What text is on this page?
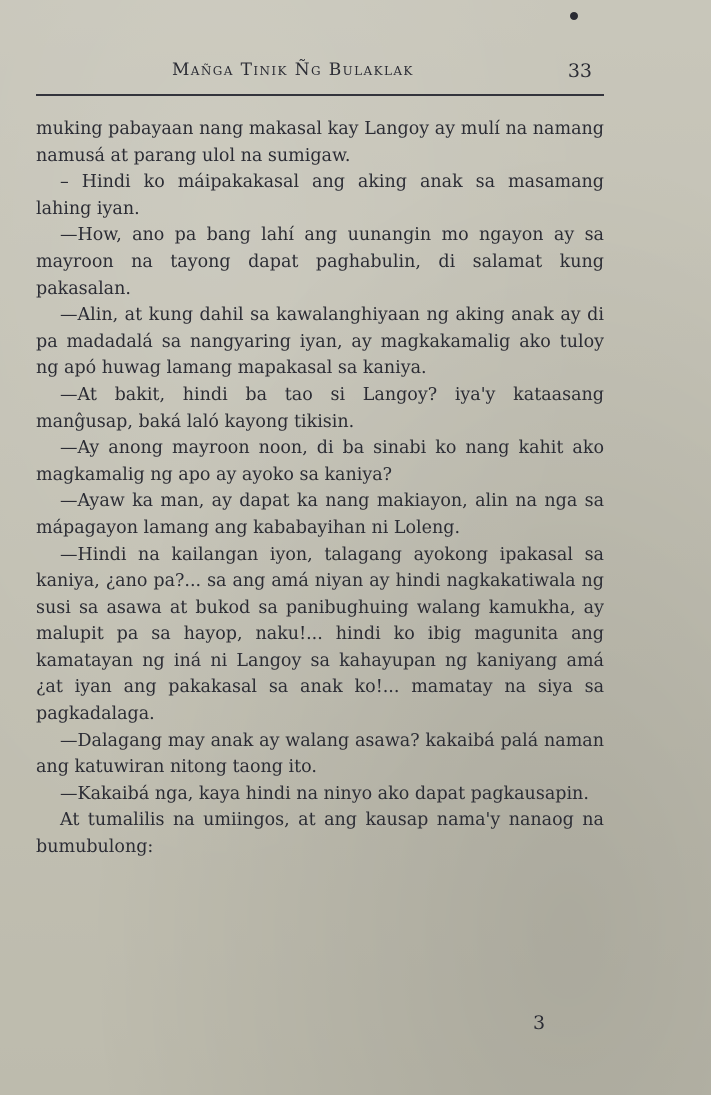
Mañga Tinik Ñg Bulaklak	33

muking pabayaan nang makasal kay Langoy ay mulí na namang namusá at parang ulol na sumigaw.

– Hindi ko máipakakasal ang aking anak sa masamang lahing iyan.

—How, ano pa bang lahí ang uunangin mo ngayon ay sa mayroon na tayong dapat paghabulin, di salamat kung pakasalan.

—Alin, at kung dahil sa kawalanghiyaan ng aking anak ay di pa madadalá sa nangyaring iyan, ay magkakamalig ako tuloy ng apó huwag lamang mapakasal sa kaniya.

—At bakit, hindi ba tao si Langoy? iya'y kataasang manĝusap, baká laló kayong tikisin.

—Ay anong mayroon noon, di ba sinabi ko nang kahit ako magkamalig ng apo ay ayoko sa kaniya?

—Ayaw ka man, ay dapat ka nang makiayon, alin na nga sa mápagayon lamang ang kababayihan ni Loleng.

—Hindi na kailangan iyon, talagang ayokong ipakasal sa kaniya, ¿ano pa?... sa ang amá niyan ay hindi nagkakatiwala ng susi sa asawa at bukod sa panibughuing walang kamukha, ay malupit pa sa hayop, naku!... hindi ko ibig magunita ang kamatayan ng iná ni Langoy sa kahayupan ng kaniyang amá ¿at iyan ang pakakasal sa anak ko!... mamatay na siya sa pagkadalaga.

—Dalagang may anak ay walang asawa? kakaibá palá naman ang katuwiran nitong taong ito.

—Kakaibá nga, kaya hindi na ninyo ako dapat pagkausapin.

At tumalilis na umiingos, at ang kausap nama'y nanaog na bumubulong:

3
